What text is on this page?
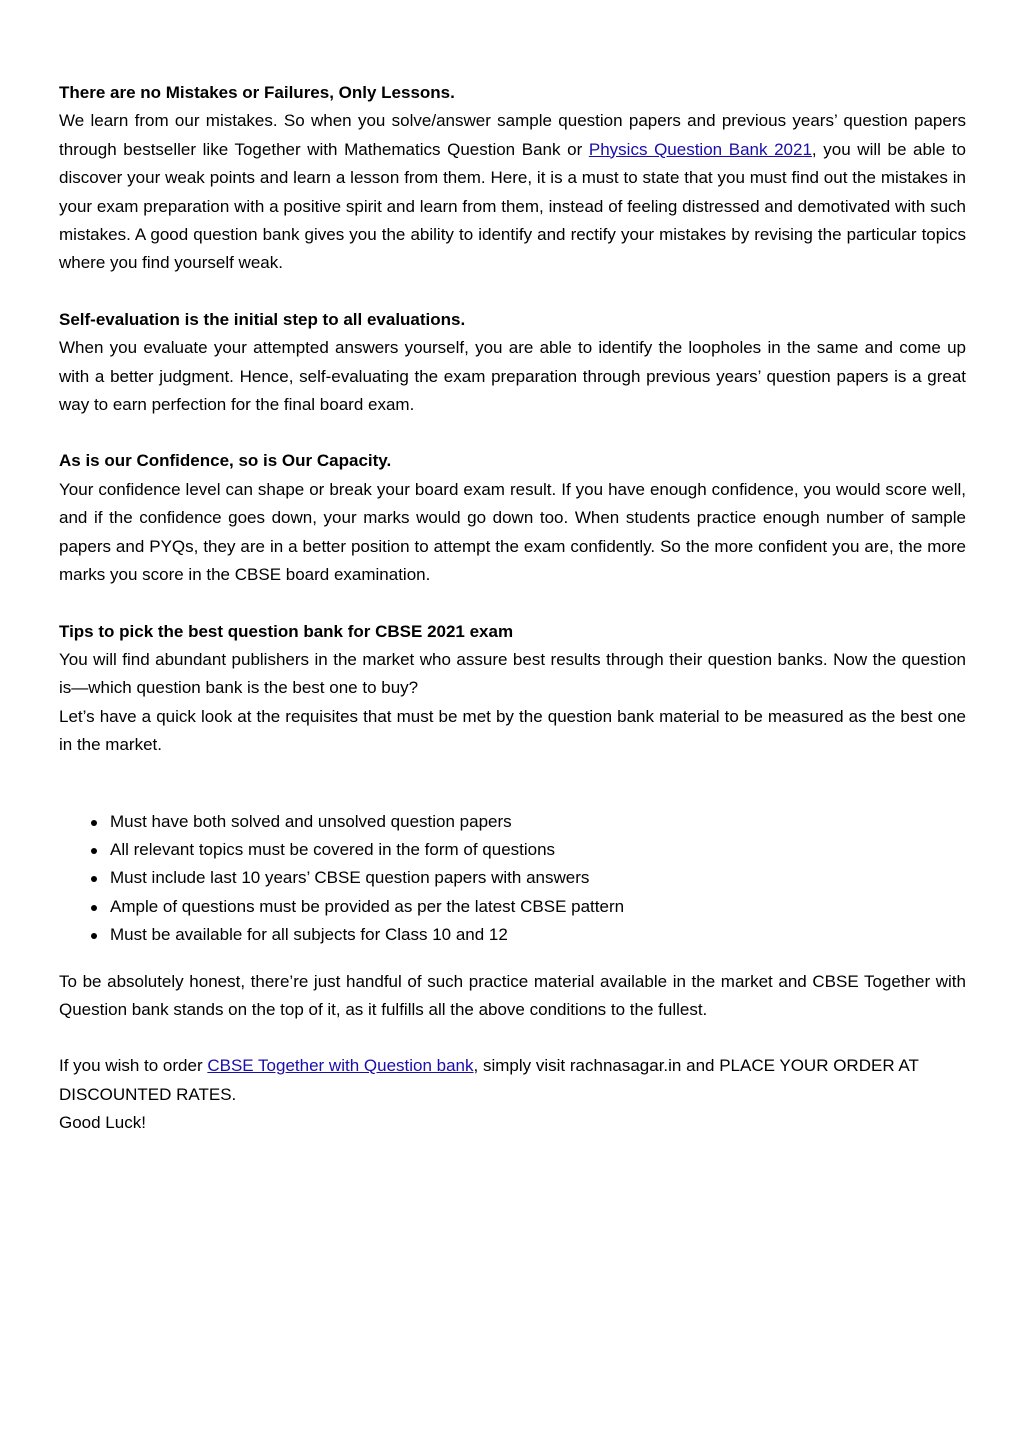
There are no Mistakes or Failures, Only Lessons.

We learn from our mistakes. So when you solve/answer sample question papers and previous years’ question papers through bestseller like Together with Mathematics Question Bank or Physics Question Bank 2021, you will be able to discover your weak points and learn a lesson from them. Here, it is a must to state that you must find out the mistakes in your exam preparation with a positive spirit and learn from them, instead of feeling distressed and demotivated with such mistakes. A good question bank gives you the ability to identify and rectify your mistakes by revising the particular topics where you find yourself weak.

Self-evaluation is the initial step to all evaluations.

When you evaluate your attempted answers yourself, you are able to identify the loopholes in the same and come up with a better judgment. Hence, self-evaluating the exam preparation through previous years’ question papers is a great way to earn perfection for the final board exam.

As is our Confidence, so is Our Capacity.

Your confidence level can shape or break your board exam result. If you have enough confidence, you would score well, and if the confidence goes down, your marks would go down too. When students practice enough number of sample papers and PYQs, they are in a better position to attempt the exam confidently. So the more confident you are, the more marks you score in the CBSE board examination.

Tips to pick the best question bank for CBSE 2021 exam

You will find abundant publishers in the market who assure best results through their question banks. Now the question is—which question bank is the best one to buy?

Let’s have a quick look at the requisites that must be met by the question bank material to be measured as the best one in the market.

Must have both solved and unsolved question papers
All relevant topics must be covered in the form of questions
Must include last 10 years’ CBSE question papers with answers
Ample of questions must be provided as per the latest CBSE pattern
Must be available for all subjects for Class 10 and 12

To be absolutely honest, there’re just handful of such practice material available in the market and CBSE Together with Question bank stands on the top of it, as it fulfills all the above conditions to the fullest.

If you wish to order CBSE Together with Question bank, simply visit rachnasagar.in and PLACE YOUR ORDER AT DISCOUNTED RATES.

Good Luck!
